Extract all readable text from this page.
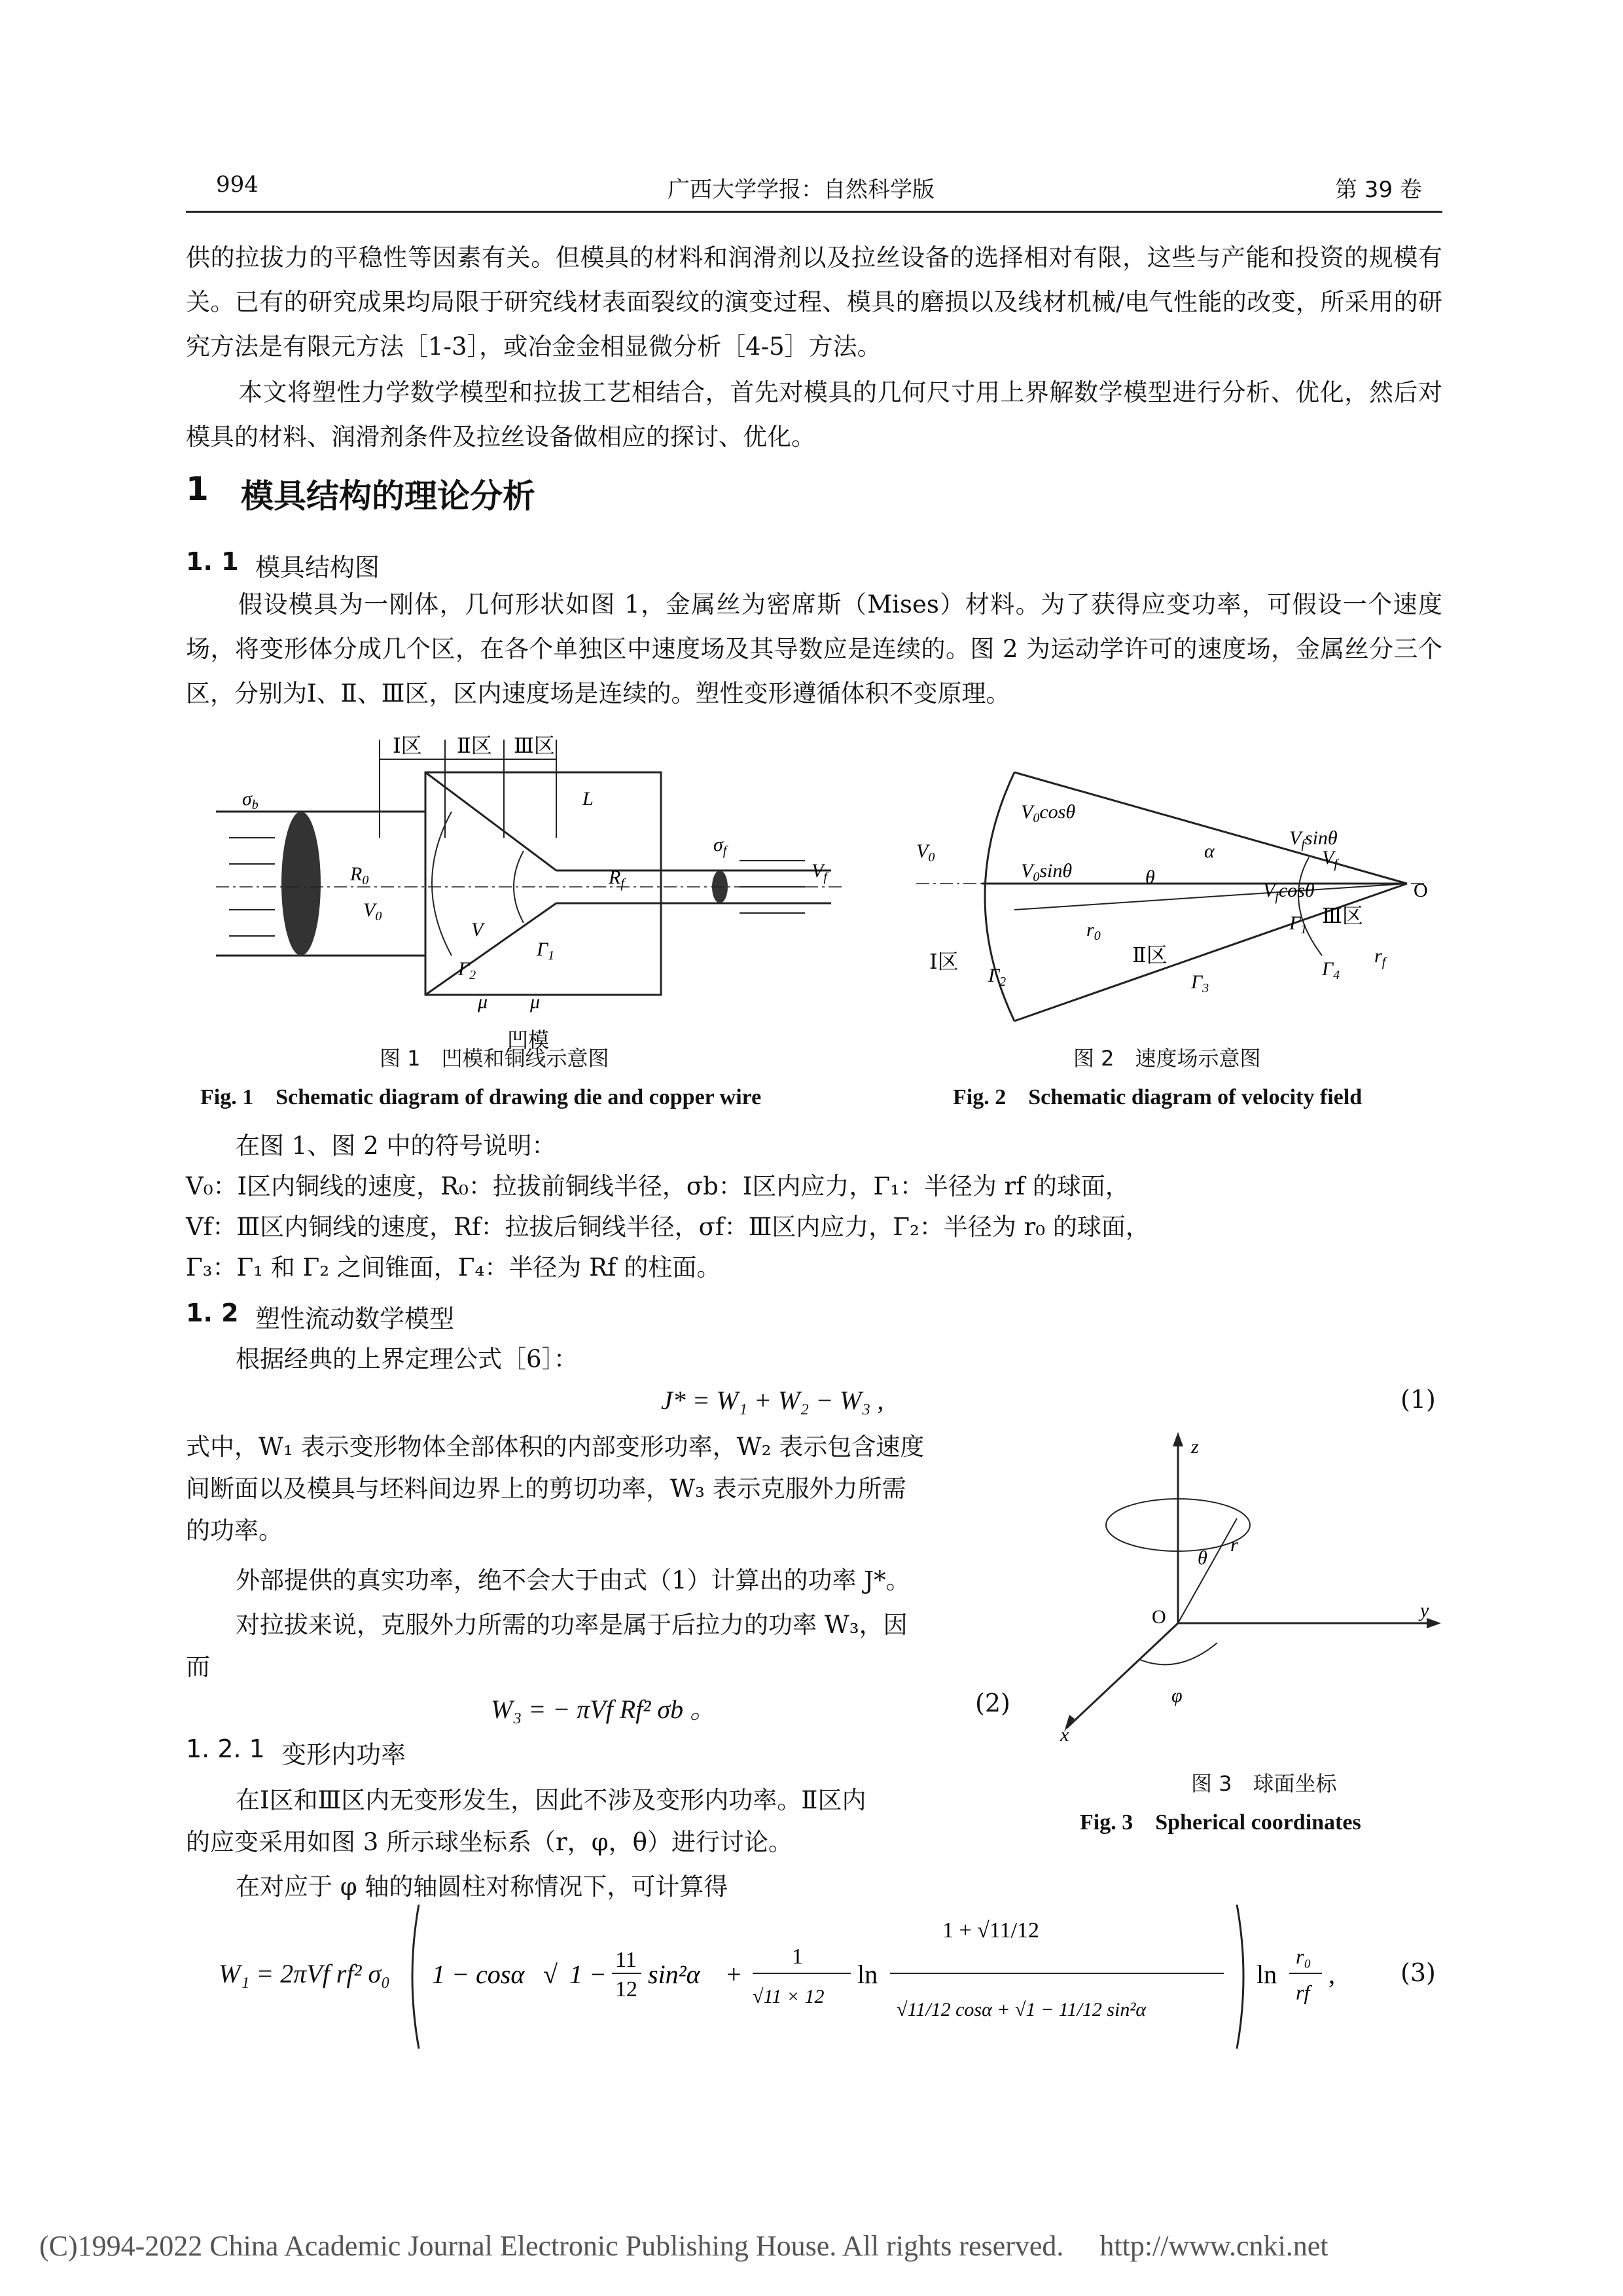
994	广西大学学报：自然科学版	第 39 卷
供的拉拔力的平稳性等因素有关。但模具的材料和润滑剂以及拉丝设备的选择相对有限，这些与产能和投资的规模有关。已有的研究成果均局限于研究线材表面裂纹的演变过程、模具的磨损以及线材机械/电气性能的改变，所采用的研究方法是有限元方法［1-3］，或冶金金相显微分析［4-5］方法。
本文将塑性力学数学模型和拉拔工艺相结合，首先对模具的几何尺寸用上界解数学模型进行分析、优化，然后对模具的材料、润滑剂条件及拉丝设备做相应的探讨、优化。
1 模具结构的理论分析
1. 1 模具结构图
假设模具为一刚体，几何形状如图 1，金属丝为密席斯（Mises）材料。为了获得应变功率，可假设一个速度场，将变形体分成几个区，在各个单独区中速度场及其导数应是连续的。图 2 为运动学许可的速度场，金属丝分三个区，分别为Ⅰ、Ⅱ、Ⅲ区，区内速度场是连续的。塑性变形遵循体积不变原理。
Ⅰ区 Ⅱ区 Ⅲ区
$\sigma_b$
$R_0$
$V_0$
$\sigma_f$
$V_f$
$R_f$
L
V
$\Gamma_1$
$\Gamma_2$
μ μ
凹模
图 1　凹模和铜线示意图
Fig. 1　Schematic diagram of drawing die and copper wire
$V_0\cos\theta$
$V_0\sin\theta$
$V_0$
$V_f\sin\theta$
$V_f$
$V_f\cos\theta$
α
θ
$r_0$
$r_f$
$\Gamma_1$
$\Gamma_2$	$\Gamma_3$
$\Gamma_4$
O
Ⅰ区	Ⅱ区
Ⅲ区
图 2　速度场示意图
Fig. 2　Schematic diagram of velocity field
在图 1、图 2 中的符号说明：
V₀：Ⅰ区内铜线的速度，R₀：拉拔前铜线半径，σb：Ⅰ区内应力，Γ₁：半径为 rf 的球面，
Vf：Ⅲ区内铜线的速度，Rf：拉拔后铜线半径，σf：Ⅲ区内应力，Γ₂：半径为 r₀ 的球面，
Γ₃：Γ₁ 和 Γ₂ 之间锥面，Γ₄：半径为 Rf 的柱面。
1. 2 塑性流动数学模型
根据经典的上界定理公式［6］：
J* = W₁ + W₂ − W₃ ,	(1)
式中，W₁ 表示变形物体全部体积的内部变形功率，W₂ 表示包含速度
间断面以及模具与坯料间边界上的剪切功率，W₃ 表示克服外力所需
的功率。
外部提供的真实功率，绝不会大于由式（1）计算出的功率 J*。
对拉拔来说，克服外力所需的功率是属于后拉力的功率 W₃，因
而
W₃ = − πVf Rf² σb 。	(2)
1. 2. 1 变形内功率
在Ⅰ区和Ⅲ区内无变形发生，因此不涉及变形内功率。Ⅱ区内
的应变采用如图 3 所示球坐标系（r，φ，θ）进行讨论。
在对应于 φ 轴的轴圆柱对称情况下，可计算得
z
y
x
O
r
θ
φ
图 3　球面坐标
Fig. 3　Spherical coordinates
W₁ = 2πVf rf² σ₀ 1 − cosα √ 1 − 11
12
sin²α +
1
√11 × 12
ln
1 + √11/12
√11/12 cosα + √1 − 11/12 sin²α
ln
r₀
rf
,	(3)
(C)1994-2022 China Academic Journal Electronic Publishing House. All rights reserved.　 http://www.cnki.net
